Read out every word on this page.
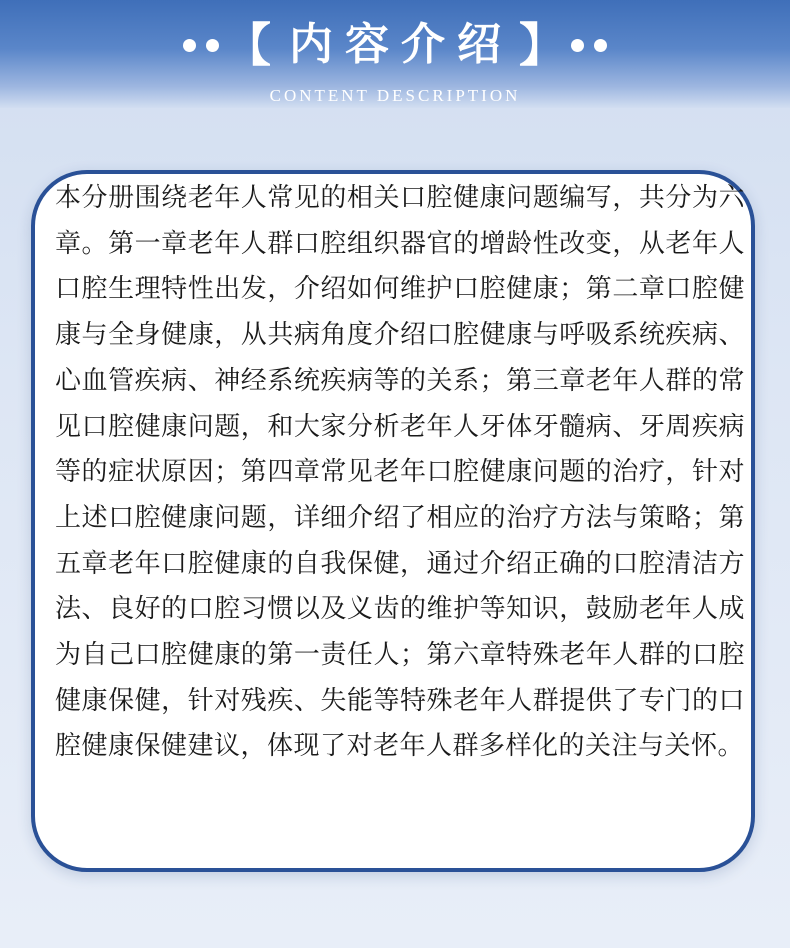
【 内容介绍 】
CONTENT DESCRIPTION

本分册围绕老年人常见的相关口腔健康问题编写，共分为六章。第一章老年人群口腔组织器官的增龄性改变，从老年人口腔生理特性出发，介绍如何维护口腔健康；第二章口腔健康与全身健康，从共病角度介绍口腔健康与呼吸系统疾病、心血管疾病、神经系统疾病等的关系；第三章老年人群的常见口腔健康问题，和大家分析老年人牙体牙髓病、牙周疾病等的症状原因；第四章常见老年口腔健康问题的治疗，针对上述口腔健康问题，详细介绍了相应的治疗方法与策略；第五章老年口腔健康的自我保健，通过介绍正确的口腔清洁方法、良好的口腔习惯以及义齿的维护等知识，鼓励老年人成为自己口腔健康的第一责任人；第六章特殊老年人群的口腔健康保健，针对残疾、失能等特殊老年人群提供了专门的口腔健康保健建议，体现了对老年人群多样化的关注与关怀。
